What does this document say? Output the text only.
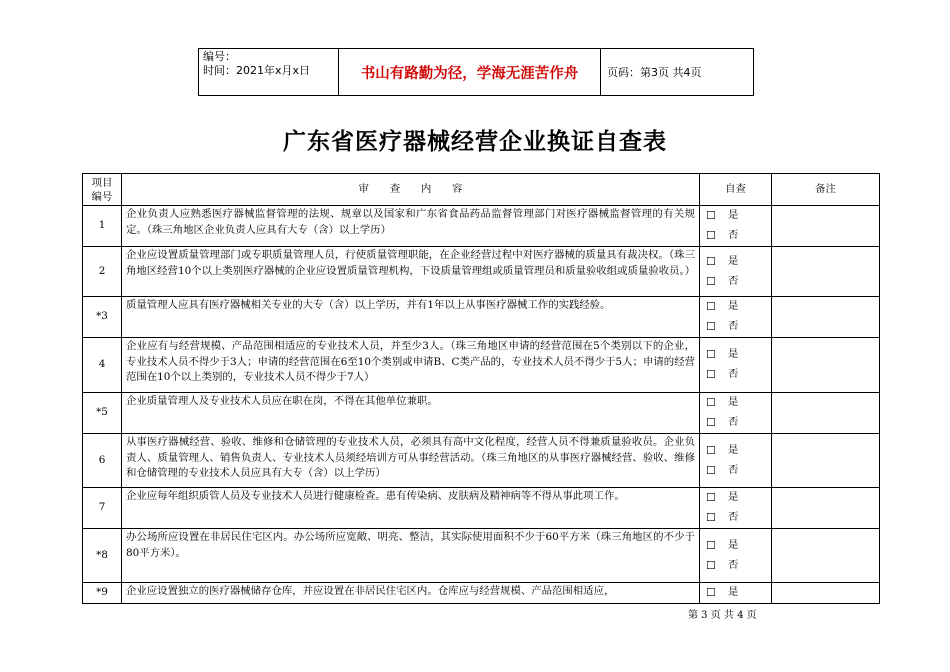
编号：
时间：2021年x月x日	书山有路勤为径，学海无涯苦作舟	页码：第3页 共4页
广东省医疗器械经营企业换证自查表
项目
编号	审　　查　　内　　容	自查	备注
1	企业负责人应熟悉医疗器械监督管理的法规、规章以及国家和广东省食品药品监督管理部门对医疗器械监督管理的有关规定。（珠三角地区企业负责人应具有大专（含）以上学历）	☐ 是
☐ 否	

2	企业应设置质量管理部门或专职质量管理人员，行使质量管理职能，在企业经营过程中对医疗器械的质量具有裁决权。（珠三角地区经营10个以上类别医疗器械的企业应设置质量管理机构，下设质量管理组或质量管理员和质量验收组或质量验收员。）	☐ 是
☐ 否	

*3	质量管理人应具有医疗器械相关专业的大专（含）以上学历，并有1年以上从事医疗器械工作的实践经验。	☐ 是
☐ 否	

4	企业应有与经营规模、产品范围相适应的专业技术人员，并至少3人。（珠三角地区申请的经营范围在5个类别以下的企业，专业技术人员不得少于3人；申请的经营范围在6至10个类别或申请B、C类产品的，专业技术人员不得少于5人；申请的经营范围在10个以上类别的，专业技术人员不得少于7人）	☐ 是
☐ 否	

*5	企业质量管理人及专业技术人员应在职在岗，不得在其他单位兼职。	☐ 是
☐ 否	

6	从事医疗器械经营、验收、维修和仓储管理的专业技术人员，必须具有高中文化程度，经营人员不得兼质量验收员。企业负责人、质量管理人、销售负责人、专业技术人员须经培训方可从事经营活动。（珠三角地区的从事医疗器械经营、验收、维修和仓储管理的专业技术人员应具有大专（含）以上学历）	☐ 是
☐ 否	

7	企业应每年组织质管人员及专业技术人员进行健康检查。患有传染病、皮肤病及精神病等不得从事此项工作。	☐ 是
☐ 否	

*8	办公场所应设置在非居民住宅区内。办公场所应宽敞、明亮、整洁，其实际使用面积不少于60平方米（珠三角地区的不少于80平方米）。	☐ 是
☐ 否	

*9	企业应设置独立的医疗器械储存仓库，并应设置在非居民住宅区内。仓库应与经营规模、产品范围相适应，	☐ 是	

第 3 页 共 4 页
